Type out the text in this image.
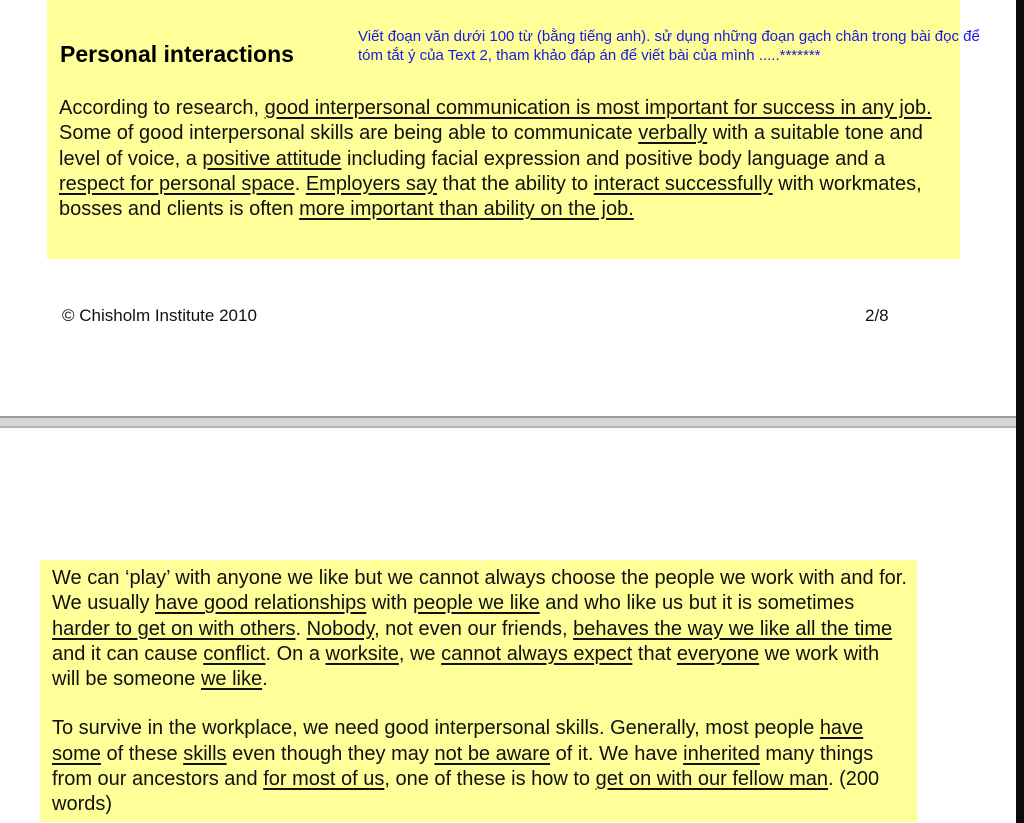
Personal interactions
Viết đoạn văn dưới 100 từ (bằng tiếng anh). sử dụng những đoạn gạch chân trong bài đọc để tóm tắt ý của Text 2, tham khảo đáp án để viết bài của mình .....*******

According to research, good interpersonal communication is most important for success in any job. Some of good interpersonal skills are being able to communicate verbally with a suitable tone and level of voice, a positive attitude including facial expression and positive body language and a respect for personal space. Employers say that the ability to interact successfully with workmates, bosses and clients is often more important than ability on the job.

© Chisholm Institute 2010	2/8

We can ‘play’ with anyone we like but we cannot always choose the people we work with and for. We usually have good relationships with people we like and who like us but it is sometimes harder to get on with others. Nobody, not even our friends, behaves the way we like all the time and it can cause conflict. On a worksite, we cannot always expect that everyone we work with will be someone we like.

To survive in the workplace, we need good interpersonal skills. Generally, most people have some of these skills even though they may not be aware of it. We have inherited many things from our ancestors and for most of us, one of these is how to get on with our fellow man. (200 words)
